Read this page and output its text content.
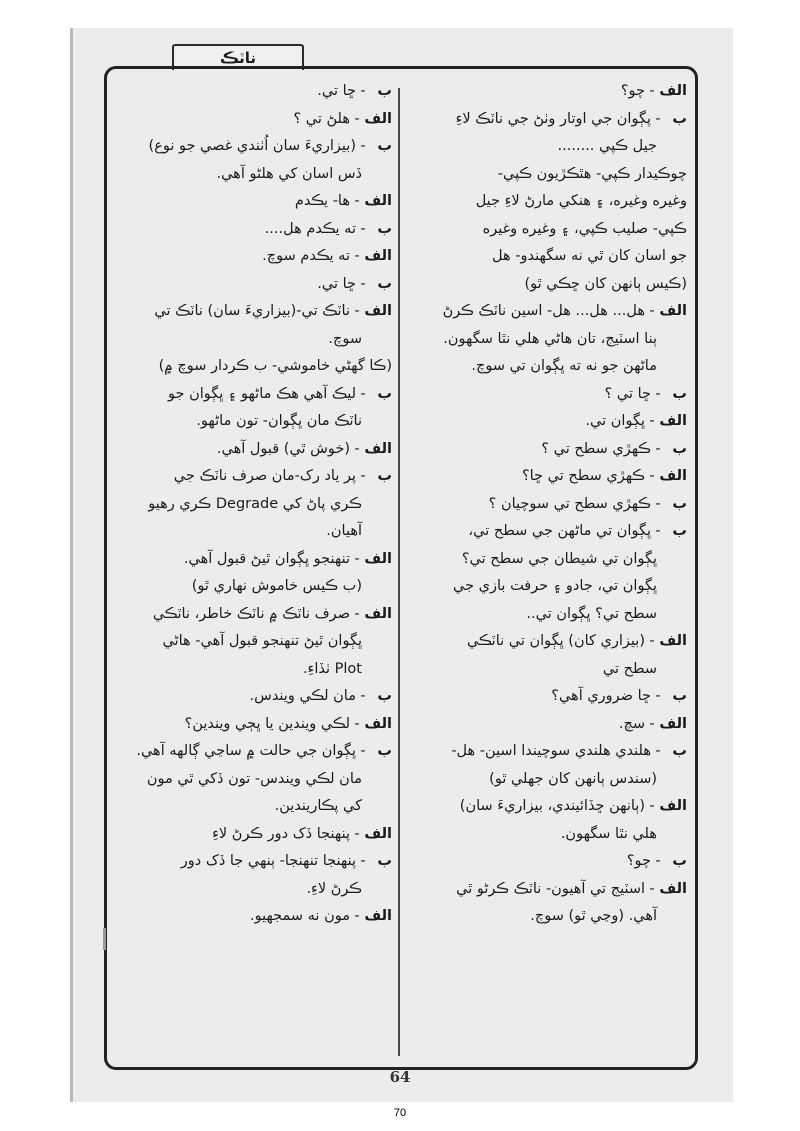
ناٽڪ
الف
-
چو؟
ب
-
پڳوان جي اوتار وٺڻ جي ناٽڪ لاءِ
جيل ڪپي ........
چوڪيدار ڪپي- هٿڪڙيون ڪپي-
وغيره وغيره، ۽ هنکي مارڻ لاءِ جيل
ڪپي- صليب ڪپي، ۽ وغيره وغيره
جو اسان کان ٿي نه سگهندو- هل
(ڪيس ٻانهن کان ڇڪي ٿو)
الف
-
هل... هل... هل- اسين ناٽڪ ڪرڻ
ٻنا اسٽيج، تان هاڻي هلي نٿا سگهون.
ماڻهن جو نه ته ڀڳوان تي سوچ.
ب
-
ڇا تي ؟
الف
-
ڀڳوان تي.
ب
-
ڪهڙي سطح تي ؟
الف
-
ڪهڙي سطح تي ڇا؟
ب
-
ڪهڙي سطح تي سوچيان ؟
ب
-
ڀڳوان تي ماڻهن جي سطح تي،
ڀڳوان تي شيطان جي سطح تي؟
ڀڳوان تي، جادو ۽ حرفت بازي جي
سطح تي؟ ڀڳوان تي..
الف
-
(بيزاري کان) ڀڳوان تي ناٽڪي
سطح تي
ب
-
ڇا ضروري آهي؟
الف
-
سچ.
ب
-
هلندي هلندي سوچيندا اسين- هل-
(سندس ٻانهن کان جهلي ٿو)
الف
-
(ٻانهن ڇڏائيندي، بيزاريءَ سان)
هلي نٿا سگهون.
ب
-
چو؟
الف
-
اسٽيج تي آهيون- ناٽڪ ڪرڻو ٿي
آهي. (وڃي ٿو) سوچ.
ب
-
ڇا تي.
الف
-
هلڻ تي ؟
ب
-
(بيزاريءَ سان اُٺندي غصي جو نوع)
ڏس اسان کي هلڻو آهي.
الف
-
ها- يڪدم
ب
-
ته يڪدم هل....
الف
-
ته يڪدم سوچ.
ب
-
ڇا تي.
الف
-
ناٽڪ تي-(بيزاريءَ سان) ناٽڪ تي
سوچ.
(ڪا گهڻي خاموشي- ب ڪردار سوچ ۾)
ب
-
ليڪ آهي هڪ ماڻهو ۽ ڀڳوان جو
ناٽڪ مان ڀڳوان- تون ماڻهو.
الف
-
(خوش ٿي) قبول آهي.
ب
-
پر ياد رک-مان صرف ناٽڪ جي
ڪري پاڻ کي Degrade ڪري رهيو
آهيان.
الف
-
تنهنجو ڀڳوان ٿيڻ قبول آهي.
(ب ڪيس خاموش نهاري ٿو)
الف
-
صرف ناٽڪ ۾ ناٽڪ خاطر، ناٽڪي
ڀڳوان ٿيڻ تنهنجو قبول آهي- هاڻي
Plot ٺڏاءِ.
ب
-
مان لڪي ويندس.
الف
-
لڪي ويندين يا ڀڄي ويندين؟
ب
-
ڀڳوان جي حالت ۾ ساڃي ڳالهه آهي.
مان لڪي ويندس- تون ڏکي ٿي مون
کي پڪاريندين.
الف
-
پنهنجا ڏک دور ڪرڻ لاءِ
ب
-
پنهنجا تنهنجا- ٻنهي جا ڏک دور
ڪرڻ لاءِ.
الف
-
مون نه سمجهيو.
64
70
